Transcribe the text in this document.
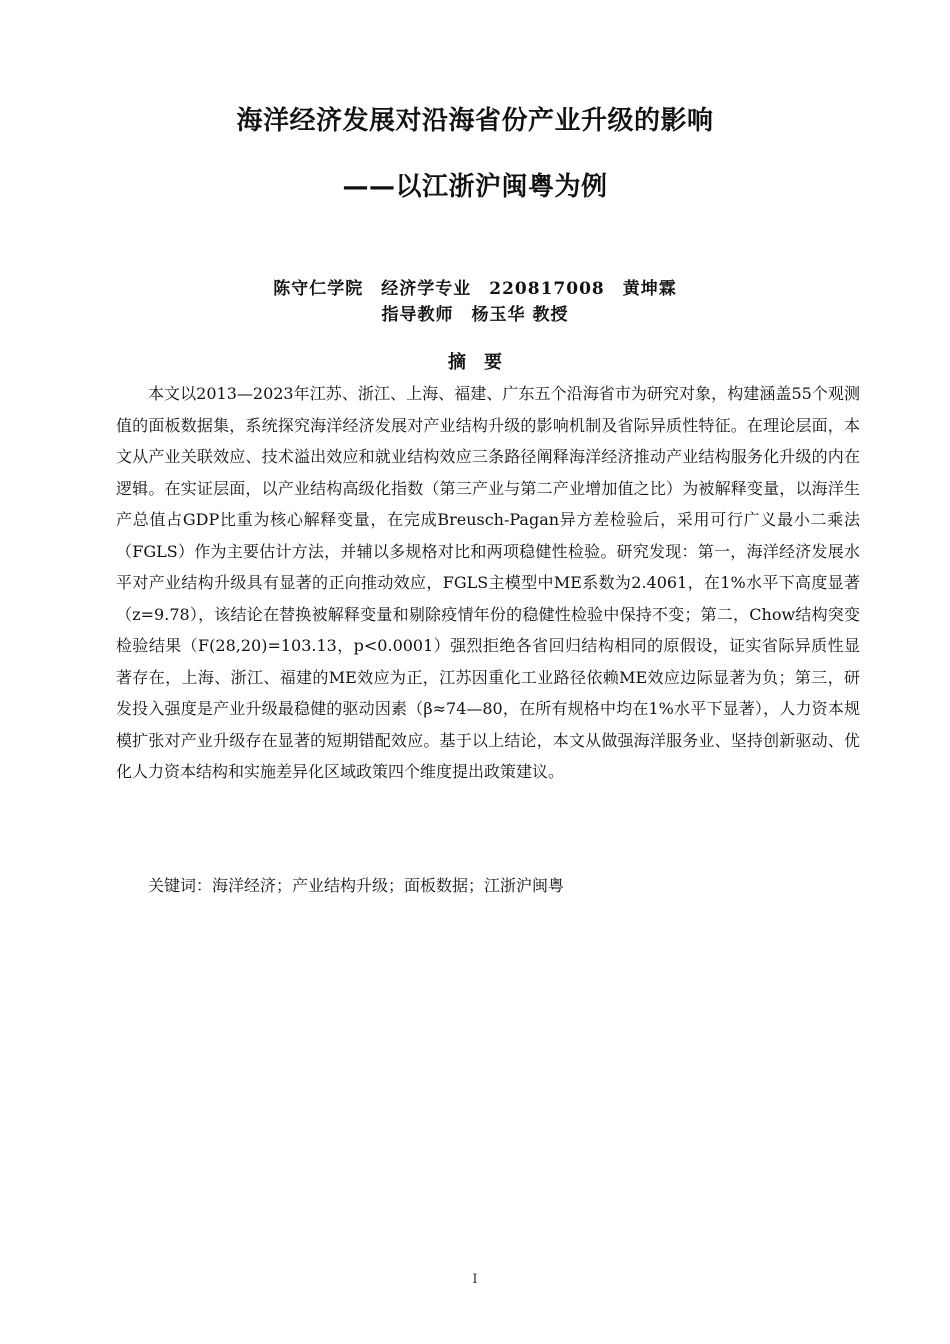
海洋经济发展对沿海省份产业升级的影响
——以江浙沪闽粤为例
陈守仁学院　经济学专业　220817008　黄坤霖
指导教师　杨玉华 教授
摘要

本文以2013—2023年江苏、浙江、上海、福建、广东五个沿海省市为研究对象，构建涵盖55个观测值的面板数据集，系统探究海洋经济发展对产业结构升级的影响机制及省际异质性特征。在理论层面，本文从产业关联效应、技术溢出效应和就业结构效应三条路径阐释海洋经济推动产业结构服务化升级的内在逻辑。在实证层面，以产业结构高级化指数（第三产业与第二产业增加值之比）为被解释变量，以海洋生产总值占GDP比重为核心解释变量，在完成Breusch-Pagan异方差检验后，采用可行广义最小二乘法（FGLS）作为主要估计方法，并辅以多规格对比和两项稳健性检验。研究发现：第一，海洋经济发展水平对产业结构升级具有显著的正向推动效应，FGLS主模型中ME系数为2.4061，在1%水平下高度显著（z=9.78），该结论在替换被解释变量和剔除疫情年份的稳健性检验中保持不变；第二，Chow结构突变检验结果（F(28,20)=103.13，p<0.0001）强烈拒绝各省回归结构相同的原假设，证实省际异质性显著存在，上海、浙江、福建的ME效应为正，江苏因重化工业路径依赖ME效应边际显著为负；第三，研发投入强度是产业升级最稳健的驱动因素（β≈74—80，在所有规格中均在1%水平下显著），人力资本规模扩张对产业升级存在显著的短期错配效应。基于以上结论，本文从做强海洋服务业、坚持创新驱动、优化人力资本结构和实施差异化区域政策四个维度提出政策建议。

关键词：海洋经济；产业结构升级；面板数据；江浙沪闽粤
I
